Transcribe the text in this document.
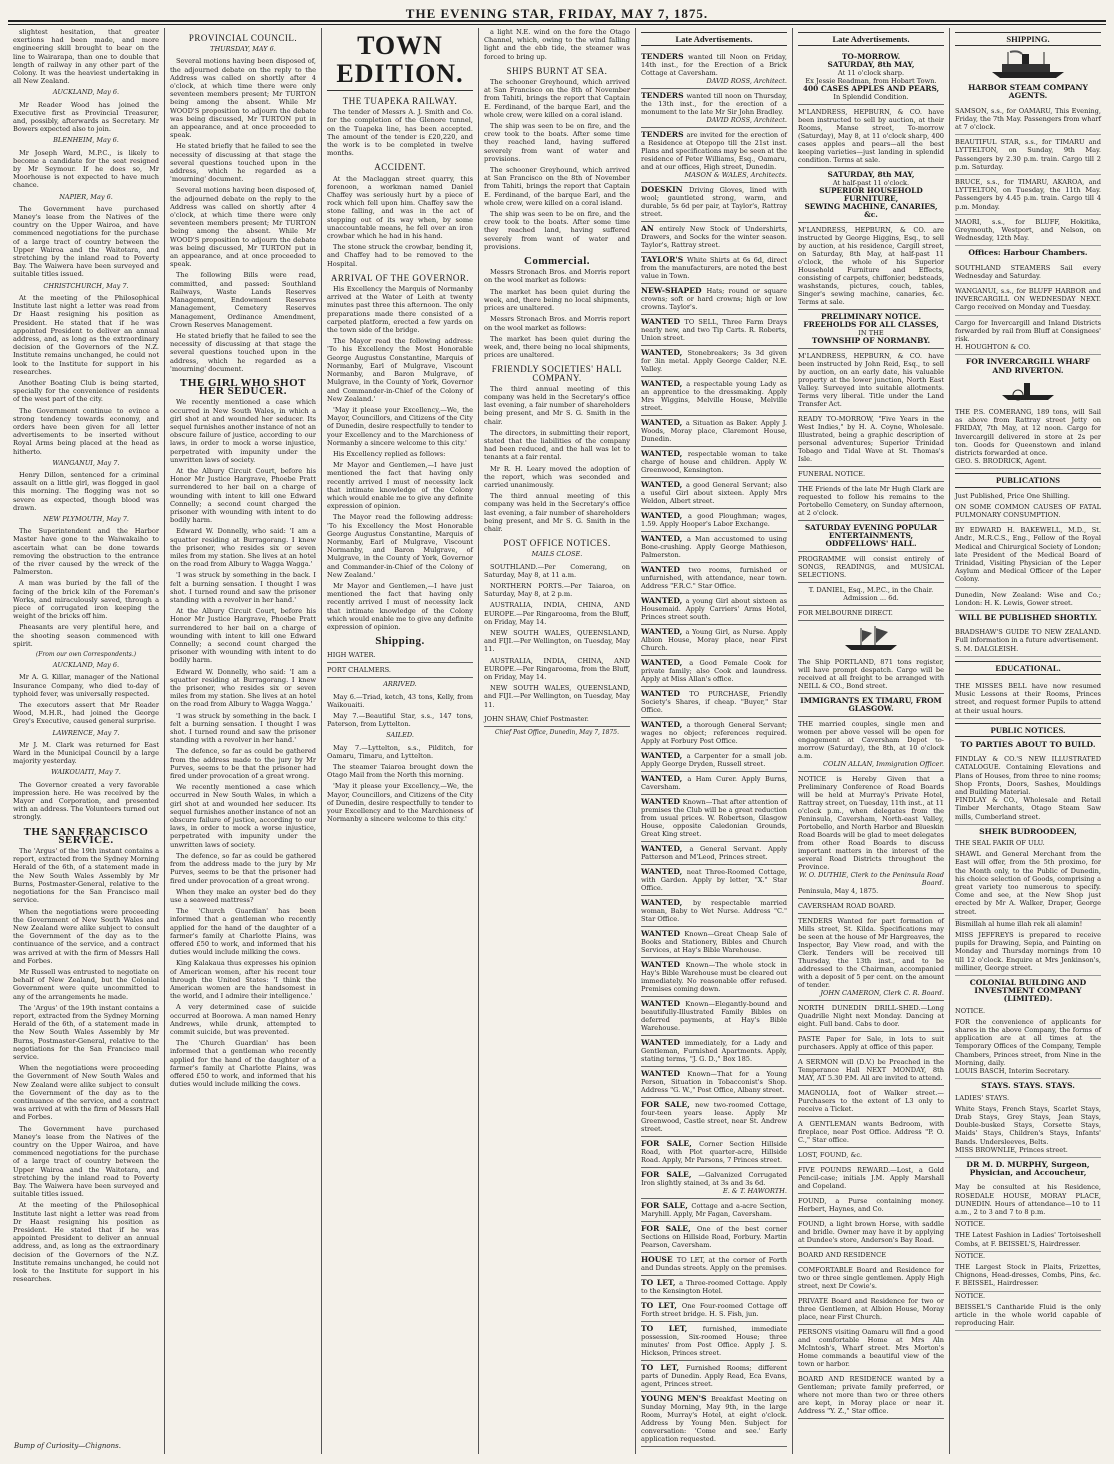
THE EVENING STAR, FRIDAY, MAY 7, 1875.

slightest hesitation, that greater exertions had been made, and more engineering skill brought to bear on the line to Wairarapa, than one to double that length of railway in any other part of the Colony. It was the heaviest undertaking in all New Zealand.

AUCKLAND, May 6.

Mr Reader Wood has joined the Executive first as Provincial Treasurer, and, possibly, afterwards as Secretary. Mr Bowers expected also to join.

BLENHEIM, May 6.

Mr Joseph Ward, M.P.C., is likely to become a candidate for the seat resigned by Mr Seymour. If he does so, Mr Moorhouse is not expected to have much chance.

NAPIER, May 6.

The Government have purchased Maney's lease from the Natives of the country on the Upper Wairoa, and have commenced negotiations for the purchase of a large tract of country between the Upper Wairoa and the Waitotara, and stretching by the inland road to Poverty Bay. The Waiwera have been surveyed and suitable titles issued.

CHRISTCHURCH, May 7.

At the meeting of the Philosophical Institute last night a letter was read from Dr Haast resigning his position as President. He stated that if he was appointed President to deliver an annual address, and, as long as the extraordinary decision of the Governors of the N.Z. Institute remains unchanged, he could not look to the Institute for support in his researches.

Another Boating Club is being started, specially for the convenience of residents of the west part of the city.

The Government continue to evince a strong tendency towards economy, and orders have been given for all letter advertisements to be inserted without Royal Arms being placed at the head as hitherto.

WANGANUI, May 7.

Henry Dillon, sentenced for a criminal assault on a little girl, was flogged in gaol this morning. The flogging was not so severe as expected, though blood was drawn.

NEW PLYMOUTH, May 7.

The Superintendent and the Harbor Master have gone to the Waiwakaiho to ascertain what can be done towards removing the obstruction to the entrance of the river caused by the wreck of the Palmerston.

A man was buried by the fall of the facing of the brick kiln of the Foreman's Works, and miraculously saved, through a piece of corrugated iron keeping the weight of the bricks off him.

Pheasants are very plentiful here, and the shooting season commenced with spirit.

(From our own Correspondents.)
AUCKLAND, May 6.

Mr A. G. Killar, manager of the National Insurance Company, who died to-day of typhoid fever, was universally respected.

The executors assert that Mr Reader Wood, M.H.R., had joined the George Grey's Executive, caused general surprise.

LAWRENCE, May 7.

Mr J. M. Clark was returned for East Ward in the Municipal Council by a large majority yesterday.

WAIKOUAITI, May 7.

The Governor created a very favorable impression here. He was received by the Mayor and Corporation, and presented with an address. The Volunteers turned out strongly.

THE SAN FRANCISCO SERVICE.

The 'Argus' of the 19th instant contains a report, extracted from the Sydney Morning Herald of the 6th, of a statement made in the New South Wales Assembly by Mr Burns, Postmaster-General, relative to the negotiations for the San Francisco mail service.

When the negotiations were proceeding the Government of New South Wales and New Zealand were alike subject to consult the Government of the day as to the continuance of the service, and a contract was arrived at with the firm of Messrs Hall and Forbes.

Mr Russell was entrusted to negotiate on behalf of New Zealand, but the Colonial Government were quite uncommitted to any of the arrangements he made.

The 'Argus' of the 19th instant contains a report, extracted from the Sydney Morning Herald of the 6th, of a statement made in the New South Wales Assembly by Mr Burns, Postmaster-General, relative to the negotiations for the San Francisco mail service.

When the negotiations were proceeding the Government of New South Wales and New Zealand were alike subject to consult the Government of the day as to the continuance of the service, and a contract was arrived at with the firm of Messrs Hall and Forbes.

The Government have purchased Maney's lease from the Natives of the country on the Upper Wairoa, and have commenced negotiations for the purchase of a large tract of country between the Upper Wairoa and the Waitotara, and stretching by the inland road to Poverty Bay. The Waiwera have been surveyed and suitable titles issued.

At the meeting of the Philosophical Institute last night a letter was read from Dr Haast resigning his position as President. He stated that if he was appointed President to deliver an annual address, and, as long as the extraordinary decision of the Governors of the N.Z. Institute remains unchanged, he could not look to the Institute for support in his researches.

PROVINCIAL COUNCIL.
THURSDAY, MAY 6.

Several motions having been disposed of, the adjourned debate on the reply to the Address was called on shortly after 4 o'clock, at which time there were only seventeen members present; Mr TURTON being among the absent. While Mr WOOD'S proposition to adjourn the debate was being discussed, Mr TURTON put in an appearance, and at once proceeded to speak.

He stated briefly that he failed to see the necessity of discussing at that stage the several questions touched upon in the address, which he regarded as a 'mourning' document.

Several motions having been disposed of, the adjourned debate on the reply to the Address was called on shortly after 4 o'clock, at which time there were only seventeen members present; Mr TURTON being among the absent. While Mr WOOD'S proposition to adjourn the debate was being discussed, Mr TURTON put in an appearance, and at once proceeded to speak.

The following Bills were read, committed, and passed: Southland Railways, Waste Lands Reserves Management, Endowment Reserves Management, Cemetery Reserves Management, Ordinance Amendment, Crown Reserves Management.

He stated briefly that he failed to see the necessity of discussing at that stage the several questions touched upon in the address, which he regarded as a 'mourning' document.

THE GIRL WHO SHOT HER SEDUCER.

We recently mentioned a case which occurred in New South Wales, in which a girl shot at and wounded her seducer. Its sequel furnishes another instance of not an obscure failure of justice, according to our laws, in order to mock a worse injustice, perpetrated with impunity under the unwritten laws of society.

At the Albury Circuit Court, before his Honor Mr Justice Hargrave, Phoebe Pratt surrendered to her bail on a charge of wounding with intent to kill one Edward Connelly; a second count charged the prisoner with wounding with intent to do bodily harm.

Edward W. Donnelly, who said: 'I am a squatter residing at Burragorang. I knew the prisoner, who resides six or seven miles from my station. She lives at an hotel on the road from Albury to Wagga Wagga.'

'I was struck by something in the back. I felt a burning sensation. I thought I was shot. I turned round and saw the prisoner standing with a revolver in her hand.'

At the Albury Circuit Court, before his Honor Mr Justice Hargrave, Phoebe Pratt surrendered to her bail on a charge of wounding with intent to kill one Edward Connelly; a second count charged the prisoner with wounding with intent to do bodily harm.

Edward W. Donnelly, who said: 'I am a squatter residing at Burragorang. I knew the prisoner, who resides six or seven miles from my station. She lives at an hotel on the road from Albury to Wagga Wagga.'

'I was struck by something in the back. I felt a burning sensation. I thought I was shot. I turned round and saw the prisoner standing with a revolver in her hand.'

The defence, so far as could be gathered from the address made to the jury by Mr Purves, seems to be that the prisoner had fired under provocation of a great wrong.

We recently mentioned a case which occurred in New South Wales, in which a girl shot at and wounded her seducer. Its sequel furnishes another instance of not an obscure failure of justice, according to our laws, in order to mock a worse injustice, perpetrated with impunity under the unwritten laws of society.

The defence, so far as could be gathered from the address made to the jury by Mr Purves, seems to be that the prisoner had fired under provocation of a great wrong.

When they make an oyster bed do they use a seaweed mattress?

The 'Church Guardian' has been informed that a gentleman who recently applied for the hand of the daughter of a farmer's family at Charlotte Plains, was offered £50 to work, and informed that his duties would include milking the cows.

King Kalakaua thus expresses his opinion of American women, after his recent tour through the United States: 'I think the American women are the handsomest in the world, and I admire their intelligence.'

A very determined case of suicide occurred at Boorowa. A man named Henry Andrews, while drunk, attempted to commit suicide, but was prevented.

The 'Church Guardian' has been informed that a gentleman who recently applied for the hand of the daughter of a farmer's family at Charlotte Plains, was offered £50 to work, and informed that his duties would include milking the cows.

TOWN EDITION.
THE TUAPEKA RAILWAY.

The tender of Messrs A. J. Smith and Co. for the completion of the Glenore tunnel, on the Tuapeka line, has been accepted. The amount of the tender is £20,220, and the work is to be completed in twelve months.

ACCIDENT.

At the Maclaggan street quarry, this forenoon, a workman named Daniel Chaffey was seriously hurt by a piece of rock which fell upon him. Chaffey saw the stone falling, and was in the act of stepping out of its way when, by some unaccountable means, he fell over an iron crowbar which he had in his hand.

The stone struck the crowbar, bending it, and Chaffey had to be removed to the Hospital.

ARRIVAL OF THE GOVERNOR.

His Excellency the Marquis of Normanby arrived at the Water of Leith at twenty minutes past three this afternoon. The only preparations made there consisted of a carpeted platform, erected a few yards on the town side of the bridge.

The Mayor read the following address: 'To his Excellency the Most Honorable George Augustus Constantine, Marquis of Normanby, Earl of Mulgrave, Viscount Normanby, and Baron Mulgrave, of Mulgrave, in the County of York, Governor and Commander-in-Chief of the Colony of New Zealand.'

'May it please your Excellency,—We, the Mayor, Councillors, and Citizens of the City of Dunedin, desire respectfully to tender to your Excellency and to the Marchioness of Normanby a sincere welcome to this city.'

His Excellency replied as follows:

Mr Mayor and Gentlemen,—I have just mentioned the fact that having only recently arrived I must of necessity lack that intimate knowledge of the Colony which would enable me to give any definite expression of opinion.

The Mayor read the following address: 'To his Excellency the Most Honorable George Augustus Constantine, Marquis of Normanby, Earl of Mulgrave, Viscount Normanby, and Baron Mulgrave, of Mulgrave, in the County of York, Governor and Commander-in-Chief of the Colony of New Zealand.'

Mr Mayor and Gentlemen,—I have just mentioned the fact that having only recently arrived I must of necessity lack that intimate knowledge of the Colony which would enable me to give any definite expression of opinion.

Shipping.
HIGH WATER.
PORT CHALMERS.
ARRIVED.

May 6.—Triad, ketch, 43 tons, Kelly, from Waikouaiti.

May 7.—Beautiful Star, s.s., 147 tons, Paterson, from Lyttelton.

SAILED.

May 7.—Lyttelton, s.s., Pilditch, for Oamaru, Timaru, and Lyttelton.

The steamer Taiaroa brought down the Otago Mail from the North this morning.

'May it please your Excellency,—We, the Mayor, Councillors, and Citizens of the City of Dunedin, desire respectfully to tender to your Excellency and to the Marchioness of Normanby a sincere welcome to this city.'

a light N.E. wind on the fore the Otago Channel, which, owing to the wind falling light and the ebb tide, the steamer was forced to bring up.

SHIPS BURNT AT SEA.

The schooner Greyhound, which arrived at San Francisco on the 8th of November from Tahiti, brings the report that Captain E. Ferdinand, of the barque Earl, and the whole crew, were killed on a coral island.

The ship was seen to be on fire, and the crew took to the boats. After some time they reached land, having suffered severely from want of water and provisions.

The schooner Greyhound, which arrived at San Francisco on the 8th of November from Tahiti, brings the report that Captain E. Ferdinand, of the barque Earl, and the whole crew, were killed on a coral island.

The ship was seen to be on fire, and the crew took to the boats. After some time they reached land, having suffered severely from want of water and provisions.

Commercial.

Messrs Stronach Bros. and Morris report on the wool market as follows:

The market has been quiet during the week, and, there being no local shipments, prices are unaltered.

Messrs Stronach Bros. and Morris report on the wool market as follows:

The market has been quiet during the week, and, there being no local shipments, prices are unaltered.

FRIENDLY SOCIETIES' HALL COMPANY.

The third annual meeting of this company was held in the Secretary's office last evening, a fair number of shareholders being present, and Mr S. G. Smith in the chair.

The directors, in submitting their report, stated that the liabilities of the company had been reduced, and the hall was let to tenants at a fair rental.

Mr R. H. Leary moved the adoption of the report, which was seconded and carried unanimously.

The third annual meeting of this company was held in the Secretary's office last evening, a fair number of shareholders being present, and Mr S. G. Smith in the chair.

POST OFFICE NOTICES.
MAILS CLOSE.

SOUTHLAND.—Per Comerang, on Saturday, May 8, at 11 a.m.

NORTHERN PORTS.—Per Taiaroa, on Saturday, May 8, at 2 p.m.

AUSTRALIA, INDIA, CHINA, AND EUROPE.—Per Ringarooma, from the Bluff, on Friday, May 14.

NEW SOUTH WALES, QUEENSLAND, and FIJI.—Per Wellington, on Tuesday, May 11.

AUSTRALIA, INDIA, CHINA, AND EUROPE.—Per Ringarooma, from the Bluff, on Friday, May 14.

NEW SOUTH WALES, QUEENSLAND, and FIJI.—Per Wellington, on Tuesday, May 11.

JOHN SHAW, Chief Postmaster.
Chief Post Office, Dunedin, May 7, 1875.
Late Advertisements.
TENDERS wanted till Noon on Friday, 14th inst., for the Erection of a Brick Cottage at Caversham.
DAVID ROSS, Architect.
TENDERS wanted till noon on Thursday, the 13th inst., for the erection of a monument to the late Mr Sir John Bradley.
DAVID ROSS, Architect.
TENDERS are invited for the erection of a Residence at Otepopo till the 21st inst. Plans and specifications may be seen at the residence of Peter Williams, Esq., Oamaru, and at our offices, High street, Dunedin.
MASON & WALES, Architects.
DOESKIN Driving Gloves, lined with wool; gauntleted strong, warm, and durable, 5s 6d per pair, at Taylor's, Rattray street.
AN entirely New Stock of Undershirts, Drawers, and Socks for the winter season. Taylor's, Rattray street.
TAYLOR'S White Shirts at 6s 6d, direct from the manufacturers, are noted the best value in Town.
NEW-SHAPED Hats; round or square crowns; soft or hard crowns; high or low crowns. Taylor's.
WANTED TO SELL, Three Farm Drays nearly new, and two Tip Carts. R. Roberts, Union street.
WANTED, Stonebreakers; 3s 3d given for 3in metal. Apply George Calder, N.E. Valley.
WANTED, a respectable young Lady as an apprentice to the dressmaking. Apply Mrs Wiggins, Melville House, Melville street.
WANTED, a Situation as Baker. Apply J. Woods, Moray place, Claremont House, Dunedin.
WANTED, respectable woman to take charge of house and children. Apply W. Greenwood, Kensington.
WANTED, a good General Servant; also a useful Girl about sixteen. Apply Mrs Weldon, Albert street.
WANTED, a good Ploughman; wages, 1.59. Apply Hooper's Labor Exchange.
WANTED, a Man accustomed to using Bone-crushing. Apply George Mathieson, Palmerston.
WANTED two rooms, furnished or unfurnished, with attendance, near town. Address "F.R.C." Star Office.
WANTED, a young Girl about sixteen as Housemaid. Apply Carriers' Arms Hotel, Princes street south.
WANTED, a Young Girl, as Nurse. Apply Albion House, Moray place, near First Church.
WANTED, a Good Female Cook for private family; also Cook and laundress. Apply at Miss Allan's office.
WANTED TO PURCHASE, Friendly Society's Shares, if cheap. "Buyer," Star Office.
WANTED, a thorough General Servant; wages no object; references required. Apply at Forbury Post Office.
WANTED, a Carpenter for a small job. Apply George Dryden, Russell street.
WANTED, a Ham Curer. Apply Burns, Caversham.
WANTED Known—That after attention of premises the Club will be a great reduction from usual prices. W. Robertson, Glasgow House, opposite Caledonian Grounds, Great King street.
WANTED, a General Servant. Apply Patterson and M'Leod, Princes street.
WANTED, neat Three-Roomed Cottage, with Garden. Apply by letter, "X." Star Office.
WANTED, by respectable married woman, Baby to Wet Nurse. Address "C." Star Office.
WANTED Known—Great Cheap Sale of Books and Stationery, Bibles and Church Services, at Hay's Bible Warehouse.
WANTED Known—The whole stock in Hay's Bible Warehouse must be cleared out immediately. No reasonable offer refused. Premises coming down.
WANTED Known—Elegantly-bound and beautifully-Illustrated Family Bibles on deferred payments, at Hay's Bible Warehouse.
WANTED immediately, for a Lady and Gentleman, Furnished Apartments. Apply, stating terms, "J. G. D.," Box 185.
WANTED Known—That for a Young Person, Situation in Tobacconist's Shop. Address "G. W.," Post Office, Albany street.
FOR SALE, new two-roomed Cottage, four-teen years lease. Apply Mr Greenwood, Castle street, near St. Andrew street.
FOR SALE, Corner Section Hillside Road, with Plot quarter-acre, Hillside Road. Apply, Mr Parsons, 7 Princes street.
FOR SALE, —Galvanized Corrugated Iron slightly stained, at 3s and 3s 6d.
E. & T. HAWORTH.
FOR SALE, Cottage and a-acre Section, Maryhill. Apply, Mr Fagan, Caversham.
FOR SALE, One of the best corner Sections on Hillside Road, Forbury. Martin Pearson, Caversham.
HOUSE TO LET, at the corner of Forth and Dundas streets. Apply on the premises.
TO LET, a Three-roomed Cottage. Apply to the Kensington Hotel.
TO LET, One Four-roomed Cottage off Forth street bridge. H. S. Fish, jun.
TO LET, furnished, immediate possession, Six-roomed House; three minutes' from Post Office. Apply J. S. Hickson, Princes street.
TO LET, Furnished Rooms; different parts of Dunedin. Apply Read, Eca Evans, agent, Princes street.
YOUNG MEN'S Breakfast Meeting on Sunday Morning, May 9th, in the large Room, Murray's Hotel, at eight o'clock. Address by Young Men. Subject for conversation: 'Come and see.' Early application requested.
Late Advertisements.
TO-MORROW.
SATURDAY, 8th MAY,
At 11 o'clock sharp.
Ex Jessie Readman, from Hobart Town.
400 CASES APPLES AND PEARS,
In Splendid Condition.
M'LANDRESS, HEPBURN, & CO. have been instructed to sell by auction, at their Rooms, Manse street, To-morrow (Saturday), May 8, at 11 o'clock sharp, 400 cases apples and pears—all the best keeping varieties—just landing in splendid condition. Terms at sale.
SATURDAY, 8th MAY,
At half-past 11 o'clock.
SUPERIOR HOUSEHOLD FURNITURE,
SEWING MACHINE, CANARIES, &c.
M'LANDRESS, HEPBURN, & CO. are instructed by George Higgins, Esq., to sell by auction, at his residence, Cargill street, on Saturday, 8th May, at half-past 11 o'clock, the whole of his Superior Household Furniture and Effects, consisting of carpets, chiffonier, bedsteads, washstands, pictures, couch, tables, Singer's sewing machine, canaries, &c. Terms at sale.
PRELIMINARY NOTICE.
FREEHOLDS FOR ALL CLASSES,
IN THE
TOWNSHIP OF NORMANBY.
M'LANDRESS, HEPBURN, & CO. have been instructed by John Reid, Esq., to sell by auction, on an early date, his valuable property at the lower junction, North East Valley. Surveyed into suitable allotments. Terms very liberal. Title under the Land Transfer Act.
READY TO-MORROW, "Five Years in the West Indies," by H. A. Coyne, Wholesale. Illustrated, being a graphic description of personal adventures; Superior Trinidad Tobago and Tidal Wave at St. Thomas's Isle.
FUNERAL NOTICE.
THE Friends of the late Mr Hugh Clark are requested to follow his remains to the Portobello Cemetery, on Sunday afternoon, at 2 o'clock.
SATURDAY EVENING POPULAR
ENTERTAINMENTS,
ODDFELLOWS' HALL.
PROGRAMME will consist entirely of SONGS, READINGS, and MUSICAL SELECTIONS.
T. DANIEL, Esq., M.P.C., in the Chair.
Admission ... 6d.
FOR MELBOURNE DIRECT.
The Ship PORTLAND, 871 tons register, will have prompt despatch. Cargo will be received at all freight to be arranged with NEILL & CO., Bond street.
IMMIGRANTS EX TIMARU, FROM
GLASGOW.
THE married couples, single men and women per above vessel will be open for engagement at Caversham Depot to-morrow (Saturday), the 8th, at 10 o'clock a.m.
COLIN ALLAN, Immigration Officer.
NOTICE is Hereby Given that a Preliminary Conference of Road Boards will be held at Murray's Private Hotel, Rattray street, on Tuesday, 11th inst., at 11 o'clock p.m., when delegates from the Peninsula, Caversham, North-east Valley, Portobello, and North Harbor and Blueskin Road Boards will be glad to meet delegates from other Road Boards to discuss important matters in the interest of the several Road Districts throughout the Province.
W. O. DUTHIE, Clerk to the Peninsula Road Board.
Peninsula, May 4, 1875.
CAVERSHAM ROAD BOARD.
TENDERS Wanted for part formation of Mills street, St. Kilda. Specifications may be seen at the house of Mr Hargreaves, the Inspector, Bay View road, and with the Clerk. Tenders will be received till Thursday, the 13th inst., and to be addressed to the Chairman, accompanied with a deposit of 5 per cent. on the amount of tender.
JOHN CAMERON, Clerk C. R. Board.
NORTH DUNEDIN DRILL-SHED.—Long Quadrille Night next Monday. Dancing at eight. Full band. Cabs to door.
PASTE Paper for Sale, in lots to suit purchasers. Apply at office of this paper.
A SERMON will (D.V.) be Preached in the Temperance Hall NEXT MONDAY, 8th MAY, AT 5.30 P.M. All are invited to attend.
MAGNOLIA, foot of Walker street.—Purchasers to the extent of L3 only to receive a Ticket.
A GENTLEMAN wants Bedroom, with fireplace, near Post Office. Address "P. O. C.," Star office.
LOST, FOUND, &c.
FIVE POUNDS REWARD.—Lost, a Gold Pencil-case; initials J.M. Apply Marshall and Copeland.
FOUND, a Purse containing money. Herbert, Haynes, and Co.
FOUND, a light brown Horse, with saddle and bridle. Owner may have it by applying at Dundee's store, Anderson's Bay Road.
BOARD AND RESIDENCE
COMFORTABLE Board and Residence for two or three single gentlemen. Apply High street, next Dr Cowie's.
PRIVATE Board and Residence for two or three Gentlemen, at Albion House, Moray place, near First Church.
PERSONS visiting Oamaru will find a good and comfortable Home at Mrs Aln McIntosh's, Wharf street. Mrs Morton's Home commands a beautiful view of the town or harbor.
BOARD AND RESIDENCE wanted by a Gentleman; private family preferred, or where not more than two or three others are kept, in Moray place or near it. Address "Y. Z.," Star office.
SHIPPING.
HARBOR STEAM COMPANY AGENTS.
SAMSON, s.s., for OAMARU, This Evening, Friday, the 7th May. Passengers from wharf at 7 o'clock.
BEAUTIFUL STAR, s.s., for TIMARU and LYTTELTON, on Sunday, 9th May. Passengers by 2.30 p.m. train. Cargo till 2 p.m. Saturday.
BRUCE, s.s., for TIMARU, AKAROA, and LYTTELTON, on Tuesday, the 11th May. Passengers by 4.45 p.m. train. Cargo till 4 p.m. Monday.
MAORI, s.s., for BLUFF, Hokitika, Greymouth, Westport, and Nelson, on Wednesday, 12th May.
Offices: Harbour Chambers.
SOUTHLAND STEAMERS Sail every Wednesday and Saturday.
WANGANUI, s.s., for BLUFF HARBOR and INVERCARGILL ON WEDNESDAY NEXT. Cargo received on Monday and Tuesday.
Cargo for Invercargill and Inland Districts forwarded by rail from Bluff at Consignees' risk.
H. HOUGHTON & CO.
FOR INVERCARGILL WHARF AND RIVERTON.
THE P.S. COMERANG, 189 tons, will Sail as above from Rattray street Jetty on FRIDAY, 7th May, at 12 noon. Cargo for Invercargill delivered in store at 2s per ton. Goods for Queenstown and inland districts forwarded at once.
GEO. S. BRODRICK, Agent.
PUBLICATIONS
Just Published, Price One Shilling.
ON SOME COMMON CAUSES OF FATAL PULMONARY CONSUMPTION.
BY EDWARD H. BAKEWELL, M.D., St. Andr., M.R.C.S., Eng., Fellow of the Royal Medical and Chirurgical Society of London; late President of the Medical Board of Trinidad, Visiting Physician of the Leper Asylum and Medical Officer of the Leper Colony.
Dunedin, New Zealand: Wise and Co.; London: H. K. Lewis, Gower street.
WILL BE PUBLISHED SHORTLY.
BRADSHAW'S GUIDE TO NEW ZEALAND. Full information in a future advertisement.
S. M. DALGLEISH.
EDUCATIONAL.
THE MISSES BELL have now resumed Music Lessons at their Rooms, Princes street, and request former Pupils to attend at their usual hours.
PUBLIC NOTICES.
TO PARTIES ABOUT TO BUILD.
FINDLAY & CO.'S NEW ILLUSTRATED CATALOGUE. Containing Elevations and Plans of Houses, from three to nine rooms; Shop Fronts, Doors, Sashes, Mouldings and Building Material.
FINDLAY & CO., Wholesale and Retail Timber Merchants, Otago Steam Saw mills, Cumberland street.
SHEIK BUDROODEEN,
THE SEAL FAKIR OF ULU.
SHAWL and General Merchant from the East will offer, from the 5th proximo, for the Month only, to the Public of Dunedin, his choice selection of Goods, comprising a great variety too numerous to specify. Come and see, at the New Shop just erected by Mr A. Walker, Draper, George street.
Bismillah al hume illah rek ali alamin!
MISS JEFFREYS is prepared to receive pupils for Drawing, Sepia, and Painting on Monday and Thursday mornings from 10 till 12 o'clock. Enquire at Mrs Jenkinson's, milliner, George street.
COLONIAL BUILDING AND INVESTMENT COMPANY (LIMITED).
NOTICE.
FOR the convenience of applicants for shares in the above Company, the forms of application are at all times at the Temporary Offices of the Company, Temple Chambers, Princes street, from Nine in the Morning, daily.
LOUIS BASCH, Interim Secretary.
STAYS. STAYS. STAYS.
LADIES' STAYS.
White Stays, French Stays, Scarlet Stays, Drab Stays, Grey Stays, Jean Stays, Double-busked Stays, Corsette Stays, Maids' Stays, Children's Stays, Infants' Bands. Undersleeves, Belts.
MISS BROWNLIE, Princes street.
DR M. D. MURPHY, Surgeon, Physician, and Accoucheur,
May be consulted at his Residence, ROSEDALE HOUSE, MORAY PLACE, DUNEDIN. Hours of attendance—10 to 11 a.m., 2 to 3 and 7 to 8 p.m.
NOTICE.
THE Latest Fashion in Ladies' Tortoiseshell Combs, at F. BEISSEL'S, Hairdresser.
NOTICE.
THE Largest Stock in Plaits, Frizettes, Chignons, Head-dresses, Combs, Pins, &c. F. BEISSEL, Hairdresser.
NOTICE.
BEISSEL'S Cantharide Fluid is the only article in the whole world capable of reproducing Hair.
Bump of Curiosity—Chignons.
